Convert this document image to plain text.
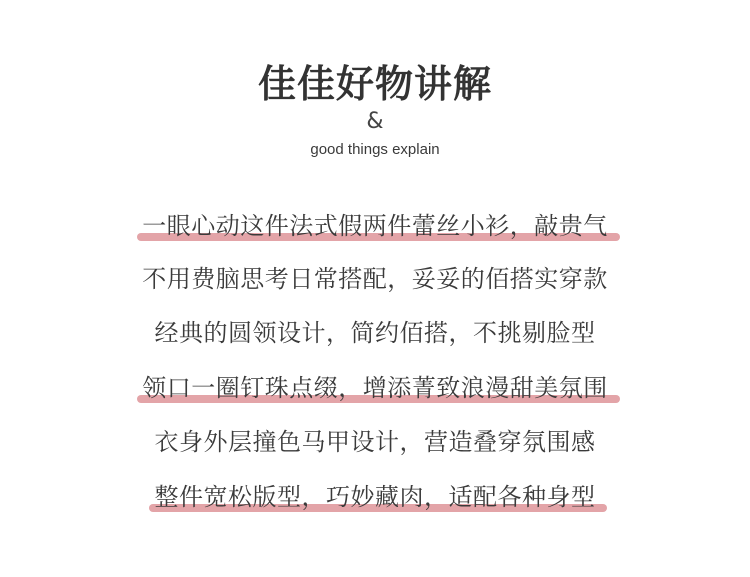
佳佳好物讲解
&
good things explain
一眼心动这件法式假两件蕾丝小衫，敲贵气
不用费脑思考日常搭配，妥妥的佰搭实穿款
经典的圆领设计，简约佰搭，不挑剔脸型
领口一圈钉珠点缀，增添菁致浪漫甜美氛围
衣身外层撞色马甲设计，营造叠穿氛围感
整件宽松版型，巧妙藏肉，适配各种身型
